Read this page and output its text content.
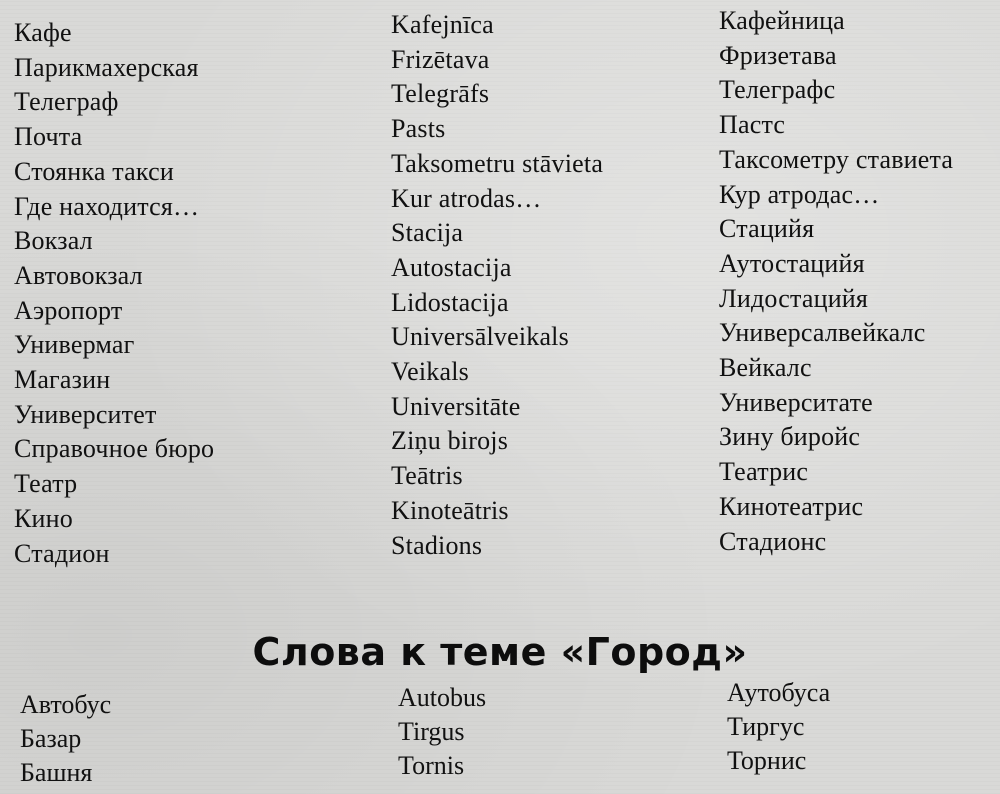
Кафе
Парикмахерская
Телеграф
Почта
Стоянка такси
Где находится…
Вокзал
Автовокзал
Аэропорт
Универмаг
Магазин
Университет
Справочное бюро
Театр
Кино
Стадион
Kafejnīca
Frizētava
Telegrāfs
Pasts
Taksometru stāvieta
Kur atrodas…
Stacija
Autostacija
Lidostacija
Universālveikals
Veikals
Universitāte
Ziņu birojs
Teātris
Kinoteātris
Stadions
Кафейница
Фризетава
Телеграфс
Пастс
Таксометру ставиета
Кур атродас…
Стацийя
Аутостацийя
Лидостацийя
Универсалвейкалс
Вейкалс
Университате
Зину биройс
Театрис
Кинотеатрис
Стадионс
Слова к теме «Город»
Автобус
Базар
Башня
Autobus
Tirgus
Tornis
Аутобуса
Тиргус
Торнис
